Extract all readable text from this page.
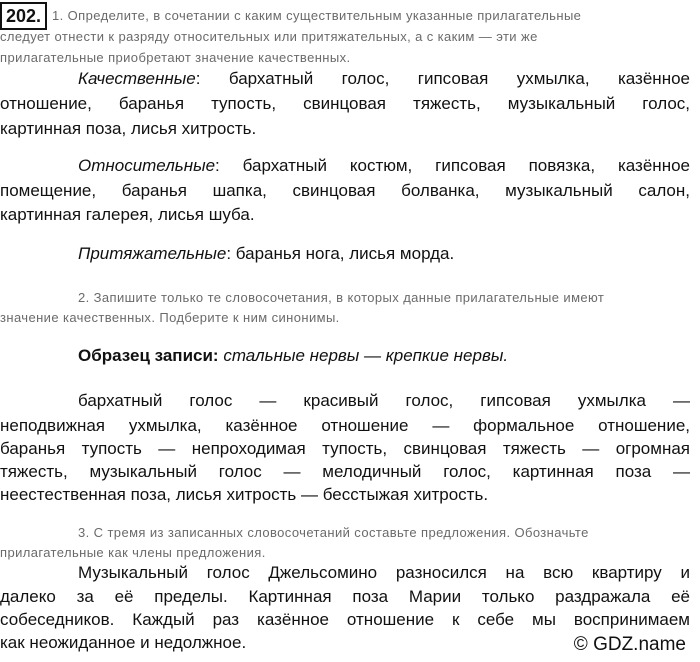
202. 1. Определите, в сочетании с каким существительным указанные прилагательные
следует отнести к разряду относительных или притяжательных, а с каким — эти же
прилагательные приобретают значение качественных.
Качественные: бархатный голос, гипсовая ухмылка, казённое
отношение, баранья тупость, свинцовая тяжесть, музыкальный голос,
картинная поза, лисья хитрость.
Относительные: бархатный костюм, гипсовая повязка, казённое
помещение, баранья шапка, свинцовая болванка, музыкальный салон,
картинная галерея, лисья шуба.
Притяжательные: баранья нога, лисья морда.
2. Запишите только те словосочетания, в которых данные прилагательные имеют
значение качественных. Подберите к ним синонимы.
Образец записи: стальные нервы — крепкие нервы.
бархатный голос — красивый голос, гипсовая ухмылка —
неподвижная ухмылка, казённое отношение — формальное отношение,
баранья тупость — непроходимая тупость, свинцовая тяжесть — огромная
тяжесть, музыкальный голос — мелодичный голос, картинная поза —
неестественная поза, лисья хитрость — бесстыжая хитрость.
3. С тремя из записанных словосочетаний составьте предложения. Обозначьте
прилагательные как члены предложения.
Музыкальный голос Джельсомино разносился на всю квартиру и
далеко за её пределы. Картинная поза Марии только раздражала её
собеседников. Каждый раз казённое отношение к себе мы воспринимаем
как неожиданное и недолжное.	© GDZ.name
